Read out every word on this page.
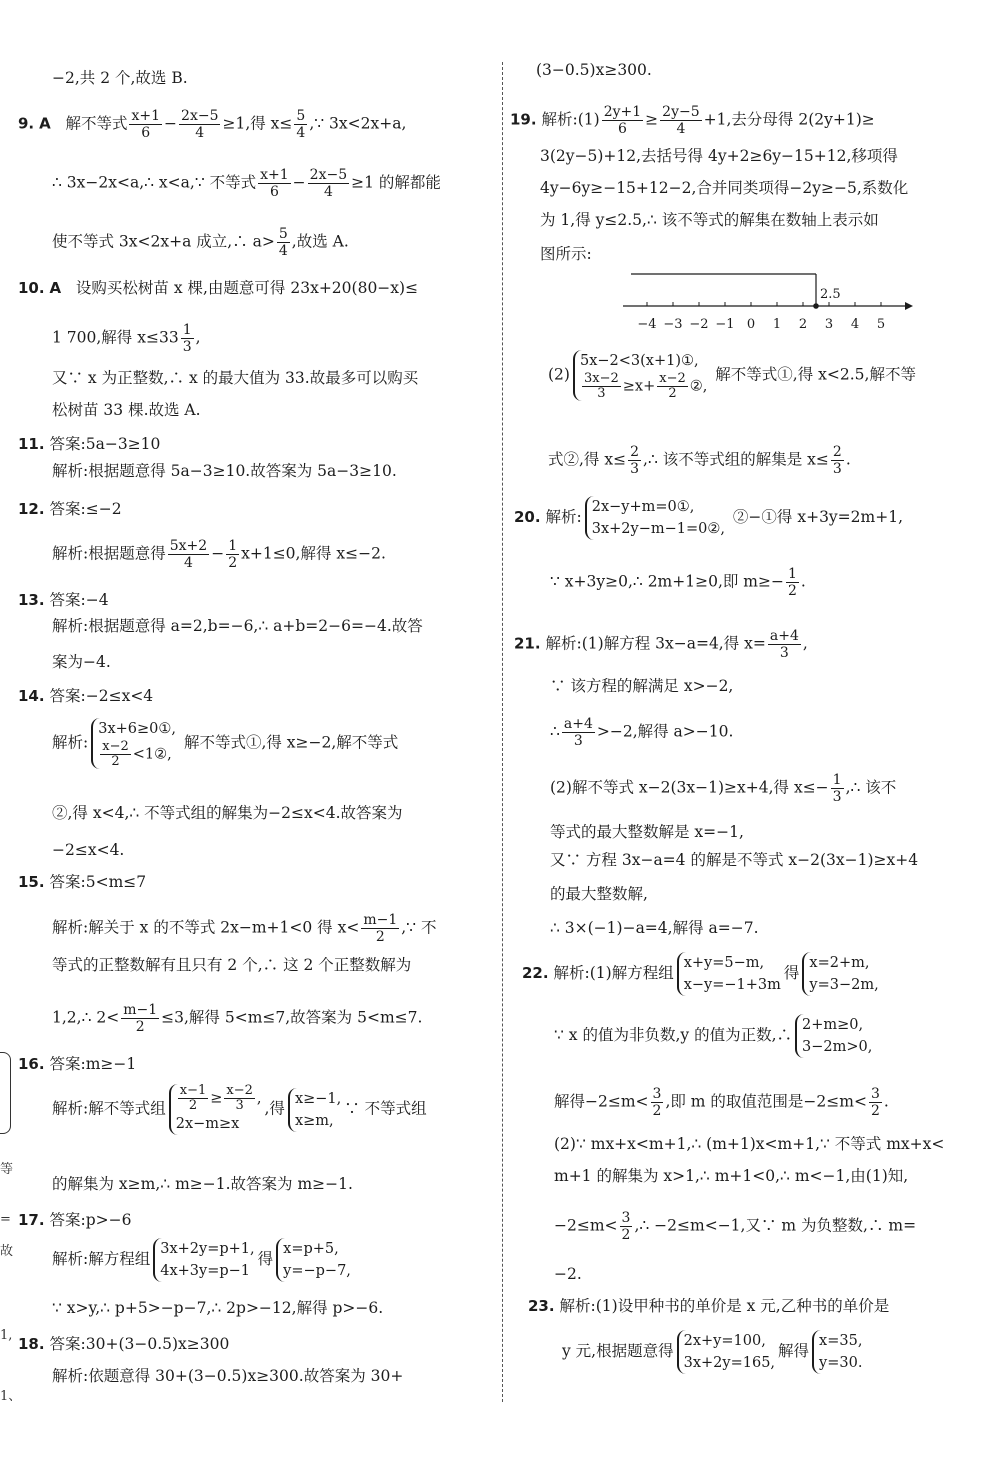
等
=
故
1,
1、
−2,共 2 个,故选 B.
9. A 解不等式 $\frac{x+1}{6} - \frac{2x-5}{4} \ge 1$,得 $x\le \frac{5}{4}$ ,∵ 3x<2x+a,
∴ 3x−2x<a,∴ x<a,∵ 不等式 $\frac{x+1}{6} - \frac{2x-5}{4} \ge 1$ 的解都能
使不等式 3x<2x+a 成立,∴ $a> \frac{5}{4}$ ,故选 A.
10. A 设购买松树苗 x 棵,由题意可得 23x+20(80−x)≤
1 700,解得 $x\le 33 \frac{1}{3}$ ,
又∵ x 为正整数,∴ x 的最大值为 33.故最多可以购买
松树苗 33 棵.故选 A.
11. 答案:5a−3≥10
解析:根据题意得 5a−3≥10.故答案为 5a−3≥10.
12. 答案:≤−2
解析:根据题意得 $\frac{5x+2}{4} - \frac{1}{2} x+1\le 0$,解得 x≤−2.
13. 答案:−4
解析:根据题意得 a=2,b=−6,∴ a+b=2−6=−4.故答
案为−4.
14. 答案:−2≤x<4
解析:
3x+6≥0①,
$\frac{x-2}{2}$ <1②,
解不等式①,得 x≥−2,解不等式
②,得 x<4,∴ 不等式组的解集为−2≤x<4.故答案为
−2≤x<4.
15. 答案:5<m≤7
解析:解关于 x 的不等式 2x−m+1<0 得 $x< \frac{m-1}{2}$ ,∵ 不
等式的正整数解有且只有 2 个,∴ 这 2 个正整数解为
1,2,∴ $2< \frac{m-1}{2} \le 3$,解得 5<m≤7,故答案为 5<m≤7.
16. 答案:m≥−1
解析:解不等式组 $\frac{x-1}{2} \ge \frac{x-2}{3}$ ,
2x−m≥x
,得
x≥−1,
x≥m,
∵ 不等式组
的解集为 x≥m,∴ m≥−1.故答案为 m≥−1.
17. 答案:p>−6
解析:解方程组
3x+2y=p+1,
4x+3y=p−1
得
x=p+5,
y=−p−7,
∵ x>y,∴ p+5>−p−7,∴ 2p>−12,解得 p>−6.
18. 答案:30+(3−0.5)x≥300
解析:依题意得 30+(3−0.5)x≥300.故答案为 30+
(3−0.5)x≥300.
19. 解析:(1) $\frac{2y+1}{6} \ge \frac{2y-5}{4} +1$,去分母得 2(2y+1)≥
3(2y−5)+12,去括号得 4y+2≥6y−15+12,移项得
4y−6y≥−15+12−2,合并同类项得−2y≥−5,系数化
为 1,得 y≤2.5,∴ 该不等式的解集在数轴上表示如
图所示:
−4 −3 −2 −1 0 1 2 3 4 5
2.5
(2)
5x−2<3(x+1)①,
$\frac{3x-2}{3} \ge x+ \frac{x-2}{2}$ ②,
解不等式①,得 x<2.5,解不等
式②,得 $x\le \frac{2}{3}$ ,∴ 该不等式组的解集是 $x\le \frac{2}{3}$ .
20. 解析:
2x−y+m=0①,
3x+2y−m−1=0②,
②−①得 x+3y=2m+1,
∵ x+3y≥0,∴ 2m+1≥0,即 $m\ge- \frac{1}{2}$ .
21. 解析:(1)解方程 3x−a=4,得 $x= \frac{a+4}{3}$ ,
∵ 该方程的解满足 x>−2,
∴ $\frac{a+4}{3} >-2$,解得 a>−10.
(2)解不等式 x−2(3x−1)≥x+4,得 $x\le- \frac{1}{3}$ ,∴ 该不
等式的最大整数解是 x=−1,
又∵ 方程 3x−a=4 的解是不等式 x−2(3x−1)≥x+4
的最大整数解,
∴ 3×(−1)−a=4,解得 a=−7.
22. 解析:(1)解方程组
x+y=5−m,
x−y=−1+3m
得
x=2+m,
y=3−2m,
∵ x 的值为非负数,y 的值为正数,∴
2+m≥0,
3−2m>0,
解得$-2\le m< \frac{3}{2}$ ,即 m 的取值范围是$-2\le m< \frac{3}{2}$ .
(2)∵ mx+x<m+1,∴ (m+1)x<m+1,∵ 不等式 mx+x<
m+1 的解集为 x>1,∴ m+1<0,∴ m<−1,由(1)知,
$-2\le m< \frac{3}{2}$ ,∴ −2≤m<−1,又∵ m 为负整数,∴ m=
−2.
23. 解析:(1)设甲种书的单价是 x 元,乙种书的单价是
y 元,根据题意得
2x+y=100,
3x+2y=165,
解得
x=35,
y=30.
